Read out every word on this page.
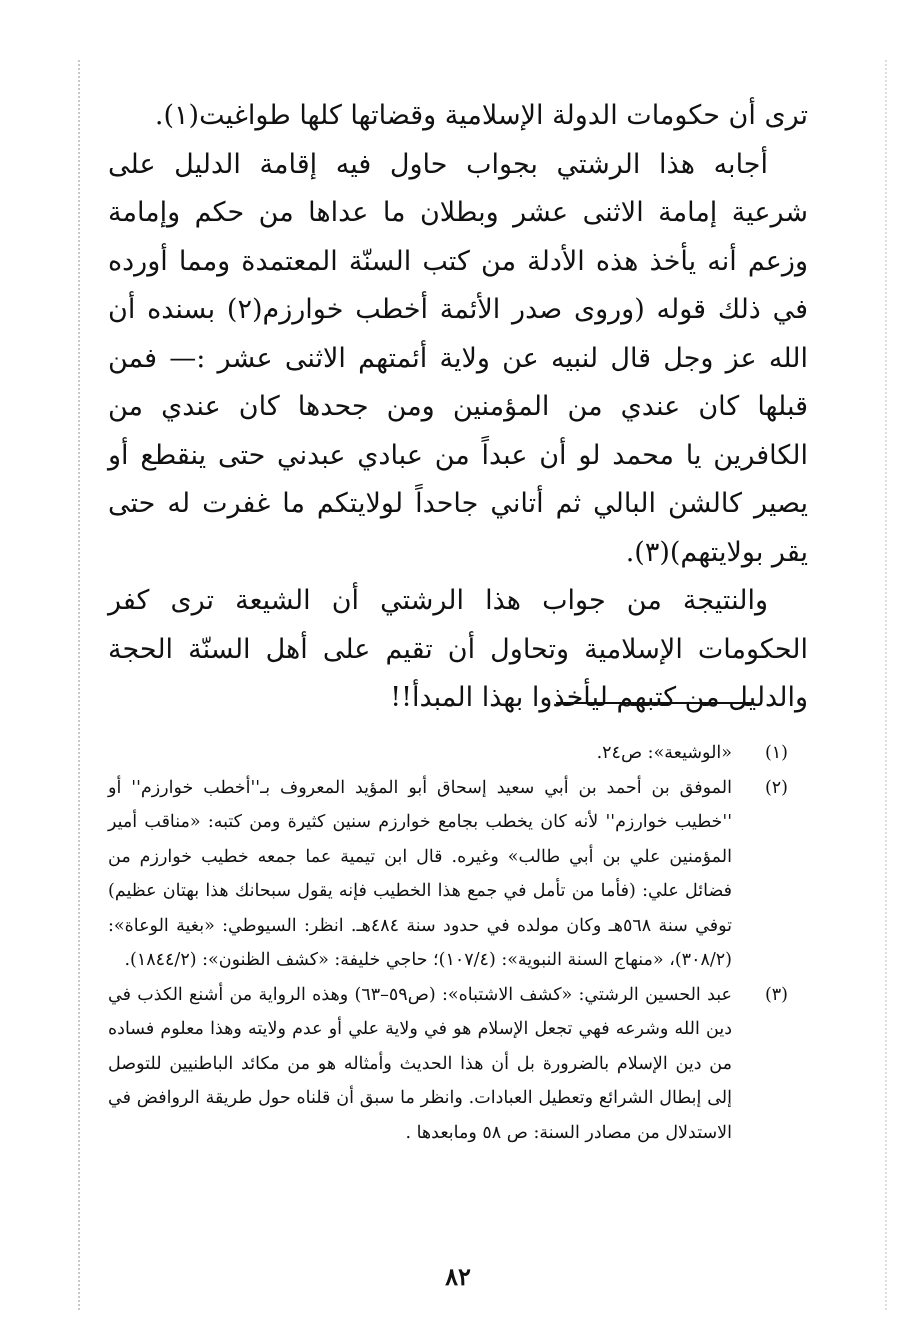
ترى أن حكومات الدولة الإسلامية وقضاتها كلها طواغيت(١).

أجابه هذا الرشتي بجواب حاول فيه إقامة الدليل على شرعية إمامة الاثنى عشر وبطلان ما عداها من حكم وإمامة وزعم أنه يأخذ هذه الأدلة من كتب السنّة المعتمدة ومما أورده في ذلك قوله (وروى صدر الأئمة أخطب خوارزم(٢) بسنده أن الله عز وجل قال لنبيه عن ولاية أئمتهم الاثنى عشر :— فمن قبلها كان عندي من المؤمنين ومن جحدها كان عندي من الكافرين يا محمد لو أن عبداً من عبادي عبدني حتى ينقطع أو يصير كالشن البالي ثم أتاني جاحداً لولايتكم ما غفرت له حتى يقر بولايتهم)(٣).

والنتيجة من جواب هذا الرشتي أن الشيعة ترى كفر الحكومات الإسلامية وتحاول أن تقيم على أهل السنّة الحجة والدليل من كتبهم ليأخذوا بهذا المبدأ!!

(١)
«الوشيعة»: ص٢٤.
(٢)
الموفق بن أحمد بن أبي سعيد إسحاق أبو المؤيد المعروف بـ''أخطب خوارزم'' أو ''خطيب خوارزم'' لأنه كان يخطب بجامع خوارزم سنين كثيرة ومن كتبه: «مناقب أمير المؤمنين علي بن أبي طالب» وغيره. قال ابن تيمية عما جمعه خطيب خوارزم من فضائل علي: (فأما من تأمل في جمع هذا الخطيب فإنه يقول سبحانك هذا بهتان عظيم) توفي سنة ٥٦٨هـ وكان مولده في حدود سنة ٤٨٤هـ. انظر: السيوطي: «بغية الوعاة»: (٣٠٨/٢)، «منهاج السنة النبوية»: (١٠٧/٤)؛ حاجي خليفة: «كشف الظنون»: (١٨٤٤/٢).
(٣)
عبد الحسين الرشتي: «كشف الاشتباه»: (ص٥٩–٦٣) وهذه الرواية من أشنع الكذب في دين الله وشرعه فهي تجعل الإسلام هو في ولاية علي أو عدم ولايته وهذا معلوم فساده من دين الإسلام بالضرورة بل أن هذا الحديث وأمثاله هو من مكائد الباطنيين للتوصل إلى إبطال الشرائع وتعطيل العبادات. وانظر ما سبق أن قلناه حول طريقة الروافض في الاستدلال من مصادر السنة: ص ٥٨ ومابعدها .
٨٢
